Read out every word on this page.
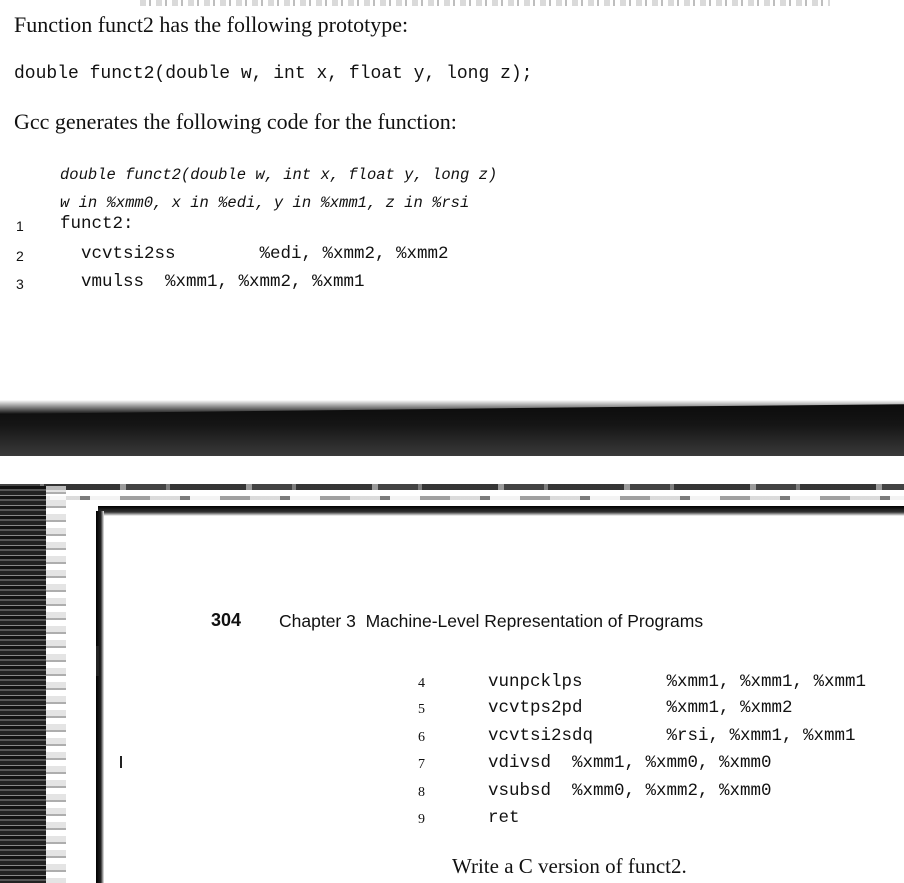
Function funct2 has the following prototype:
double funct2(double w, int x, float y, long z);
Gcc generates the following code for the function:
double funct2(double w, int x, float y, long z)
w in %xmm0, x in %edi, y in %xmm1, z in %rsi
1 funct2:
2 vcvtsi2ss        %edi, %xmm2, %xmm2
3 vmulss  %xmm1, %xmm2, %xmm1
304 Chapter 3  Machine-Level Representation of Programs
4	vunpcklps        %xmm1, %xmm1, %xmm1
5	vcvtps2pd        %xmm1, %xmm2
6	vcvtsi2sdq       %rsi, %xmm1, %xmm1
7	vdivsd  %xmm1, %xmm0, %xmm0
8	vsubsd  %xmm0, %xmm2, %xmm0
9	ret
Write a C version of funct2.
